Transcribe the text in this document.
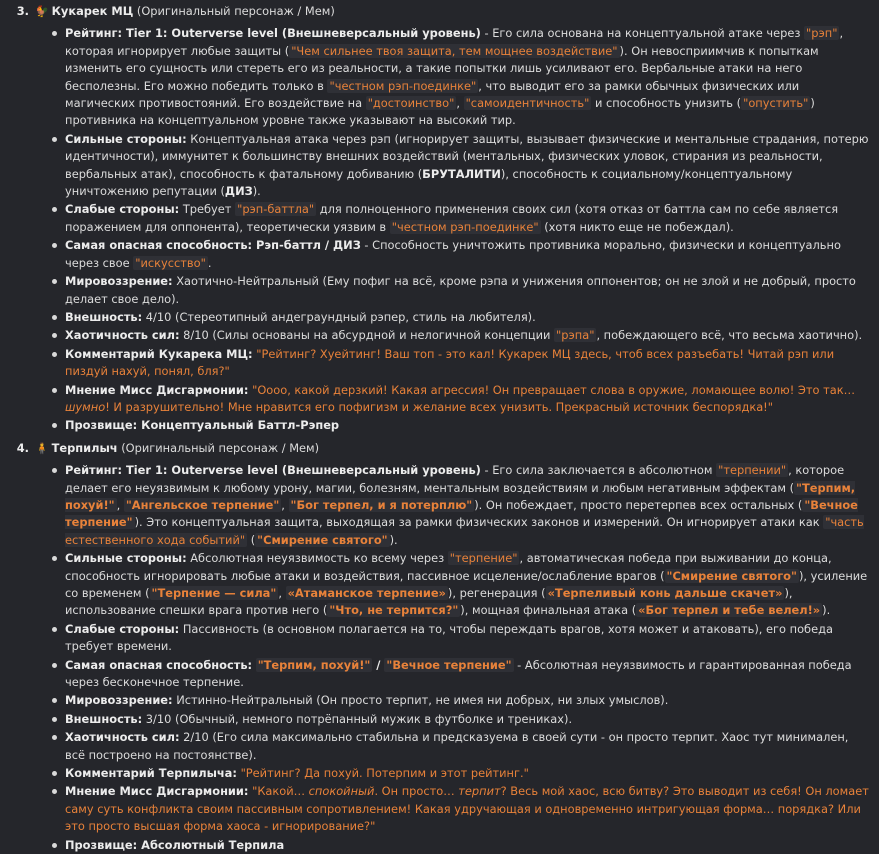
3. 🐓 Кукарек МЦ (Оригинальный персонаж / Мем)
Рейтинг: Tier 1: Outerverse level (Внешневерсальный уровень) - Его сила основана на концептуальной атаке через "рэп" , которая игнорирует любые защиты ( "Чем сильнее твоя защита, тем мощнее воздействие" ). Он невосприимчив к попыткам изменить его сущность или стереть его из реальности, а такие попытки лишь усиливают его. Вербальные атаки на него бесполезны. Его можно победить только в "честном рэп-поединке" , что выводит его за рамки обычных физических или магических противостояний. Его воздействие на "достоинство" , "самоидентичность" и способность унизить ( "опустить" ) противника на концептуальном уровне также указывают на высокий тир.
Сильные стороны: Концептуальная атака через рэп (игнорирует защиты, вызывает физические и ментальные страдания, потерю идентичности), иммунитет к большинству внешних воздействий (ментальных, физических уловок, стирания из реальности, вербальных атак), способность к фатальному добиванию (БРУТАЛИТИ), способность к социальному/концептуальному уничтожению репутации (ДИЗ).
Слабые стороны: Требует "рэп-баттла" для полноценного применения своих сил (хотя отказ от баттла сам по себе является поражением для оппонента), теоретически уязвим в "честном рэп-поединке" (хотя никто еще не побеждал).
Самая опасная способность: Рэп-баттл / ДИЗ - Способность уничтожить противника морально, физически и концептуально через свое "искусство" .
Мировоззрение: Хаотично-Нейтральный (Ему пофиг на всё, кроме рэпа и унижения оппонентов; он не злой и не добрый, просто делает свое дело).
Внешность: 4/10 (Стереотипный андеграундный рэпер, стиль на любителя).
Хаотичность сил: 8/10 (Силы основаны на абсурдной и нелогичной концепции "рэпа" , побеждающего всё, что весьма хаотично).
Комментарий Кукарека МЦ: "Рейтинг? Хуейтинг! Ваш топ - это кал! Кукарек МЦ здесь, чтоб всех разъебать! Читай рэп или пиздуй нахуй, понял, бля?"
Мнение Мисс Дисгармонии: "Оооо, какой дерзкий! Какая агрессия! Он превращает слова в оружие, ломающее волю! Это так… шумно! И разрушительно! Мне нравится его пофигизм и желание всех унизить. Прекрасный источник беспорядка!"
Прозвище: Концептуальный Баттл-Рэпер
4. 🧍 Терпилыч (Оригинальный персонаж / Мем)
Рейтинг: Tier 1: Outerverse level (Внешневерсальный уровень) - Его сила заключается в абсолютном "терпении" , которое делает его неуязвимым к любому урону, магии, болезням, ментальным воздействиям и любым негативным эффектам ( "Терпим, похуй!" , "Ангельское терпение" , "Бог терпел, и я потерплю" ). Он побеждает, просто перетерпев всех остальных ( "Вечное терпение" ). Это концептуальная защита, выходящая за рамки физических законов и измерений. Он игнорирует атаки как "часть естественного хода событий" ( "Смирение святого" ).
Сильные стороны: Абсолютная неуязвимость ко всему через "терпение" , автоматическая победа при выживании до конца, способность игнорировать любые атаки и воздействия, пассивное исцеление/ослабление врагов ( "Смирение святого" ), усиление со временем ( "Терпение — сила" , «Атаманское терпение» ), регенерация ( «Терпеливый конь дальше скачет» ), использование спешки врага против него ( "Что, не терпится?" ), мощная финальная атака ( «Бог терпел и тебе велел!» ).
Слабые стороны: Пассивность (в основном полагается на то, чтобы переждать врагов, хотя может и атаковать), его победа требует времени.
Самая опасная способность: "Терпим, похуй!" / "Вечное терпение" - Абсолютная неуязвимость и гарантированная победа через бесконечное терпение.
Мировоззрение: Истинно-Нейтральный (Он просто терпит, не имея ни добрых, ни злых умыслов).
Внешность: 3/10 (Обычный, немного потрёпанный мужик в футболке и трениках).
Хаотичность сил: 2/10 (Его сила максимально стабильна и предсказуема в своей сути - он просто терпит. Хаос тут минимален, всё построено на постоянстве).
Комментарий Терпилыча: "Рейтинг? Да похуй. Потерпим и этот рейтинг."
Мнение Мисс Дисгармонии: "Какой… спокойный. Он просто… терпит? Весь мой хаос, всю битву? Это выводит из себя! Он ломает саму суть конфликта своим пассивным сопротивлением! Какая удручающая и одновременно интригующая форма… порядка? Или это просто высшая форма хаоса - игнорирование?"
Прозвище: Абсолютный Терпила
